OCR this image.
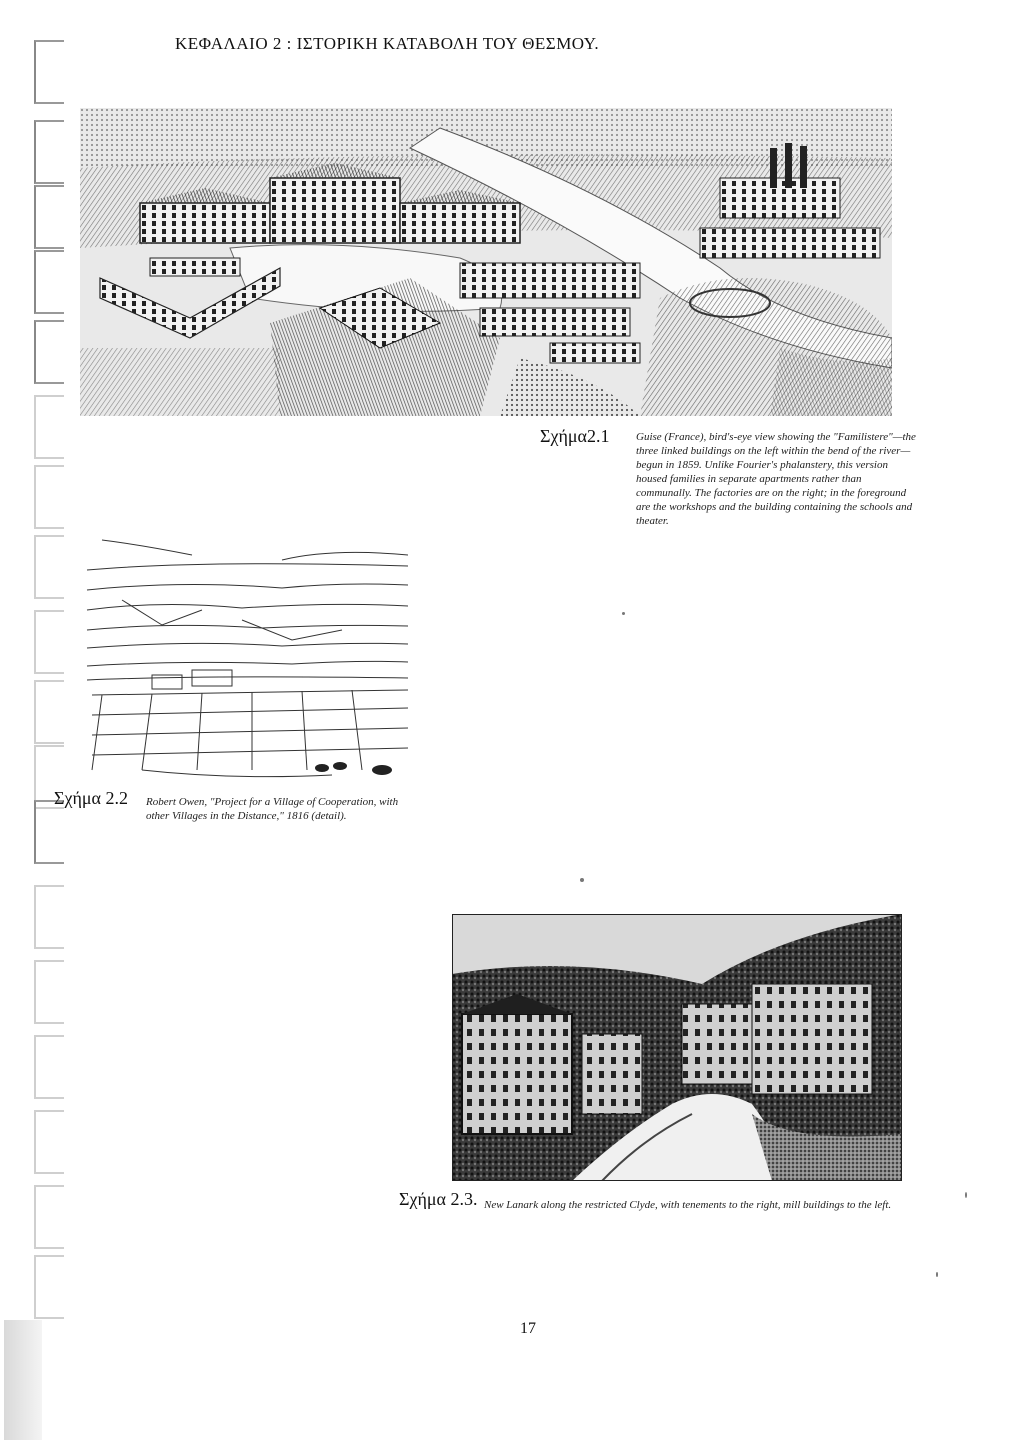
ΚΕΦΑΛΑΙΟ 2 : ΙΣΤΟΡΙΚΗ ΚΑΤΑΒΟΛΗ ΤΟΥ ΘΕΣΜΟΥ.
Σχήμα2.1 Guise (France), bird's-eye view showing the "Familistere"—the three linked buildings on the left within the bend of the river—begun in 1859. Unlike Fourier's phalanstery, this version housed families in separate apartments rather than communally. The factories are on the right; in the foreground are the workshops and the building containing the schools and theater.
Σχήμα 2.2 Robert Owen, "Project for a Village of Cooperation, with other Villages in the Distance," 1816 (detail).
Σχήμα 2.3. New Lanark along the restricted Clyde, with tenements to the right, mill buildings to the left.
17
